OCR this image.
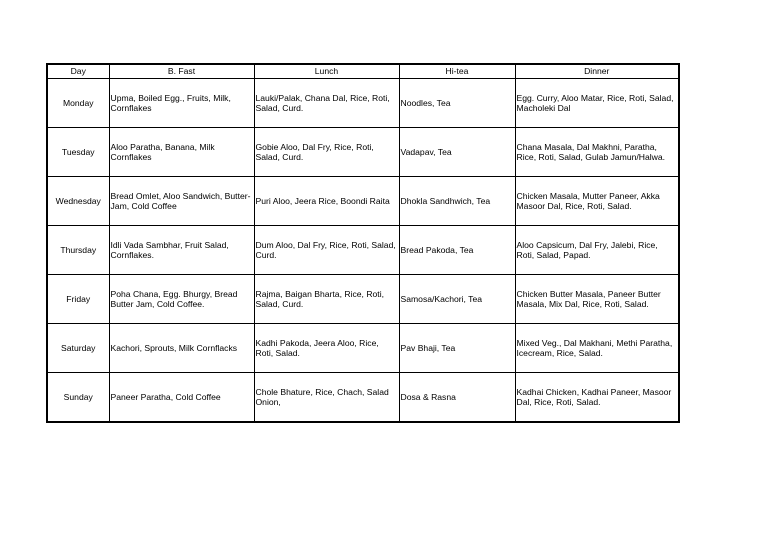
Day	B. Fast	Lunch	Hi-tea	Dinner
Monday	Upma, Boiled Egg., Fruits, Milk, Cornflakes	Lauki/Palak, Chana Dal, Rice, Roti, Salad, Curd.	Noodles, Tea	Egg. Curry, Aloo Matar, Rice, Roti, Salad, Macholeki Dal
Tuesday	Aloo Paratha, Banana, Milk Cornflakes	Gobie Aloo, Dal Fry, Rice, Roti, Salad, Curd.	Vadapav, Tea	Chana Masala, Dal Makhni, Paratha, Rice, Roti, Salad, Gulab Jamun/Halwa.
Wednesday	Bread Omlet, Aloo Sandwich, Butter-Jam, Cold Coffee	Puri Aloo, Jeera Rice, Boondi Raita	Dhokla Sandhwich, Tea	Chicken Masala, Mutter Paneer, Akka Masoor Dal, Rice, Roti, Salad.
Thursday	Idli Vada Sambhar, Fruit Salad, Cornflakes.	Dum Aloo, Dal Fry, Rice, Roti, Salad, Curd.	Bread Pakoda, Tea	Aloo Capsicum, Dal Fry, Jalebi, Rice, Roti, Salad, Papad.
Friday	Poha Chana, Egg. Bhurgy, Bread Butter Jam, Cold Coffee.	Rajma, Baigan Bharta, Rice, Roti, Salad, Curd.	Samosa/Kachori, Tea	Chicken Butter Masala, Paneer Butter Masala, Mix Dal, Rice, Roti, Salad.
Saturday	Kachori, Sprouts, Milk Cornflacks	Kadhi Pakoda, Jeera Aloo, Rice, Roti, Salad.	Pav Bhaji, Tea	Mixed Veg., Dal Makhani, Methi Paratha, Icecream, Rice, Salad.
Sunday	Paneer Paratha, Cold Coffee	Chole Bhature, Rice, Chach, Salad Onion,	Dosa & Rasna	Kadhai Chicken, Kadhai Paneer, Masoor Dal, Rice, Roti, Salad.
